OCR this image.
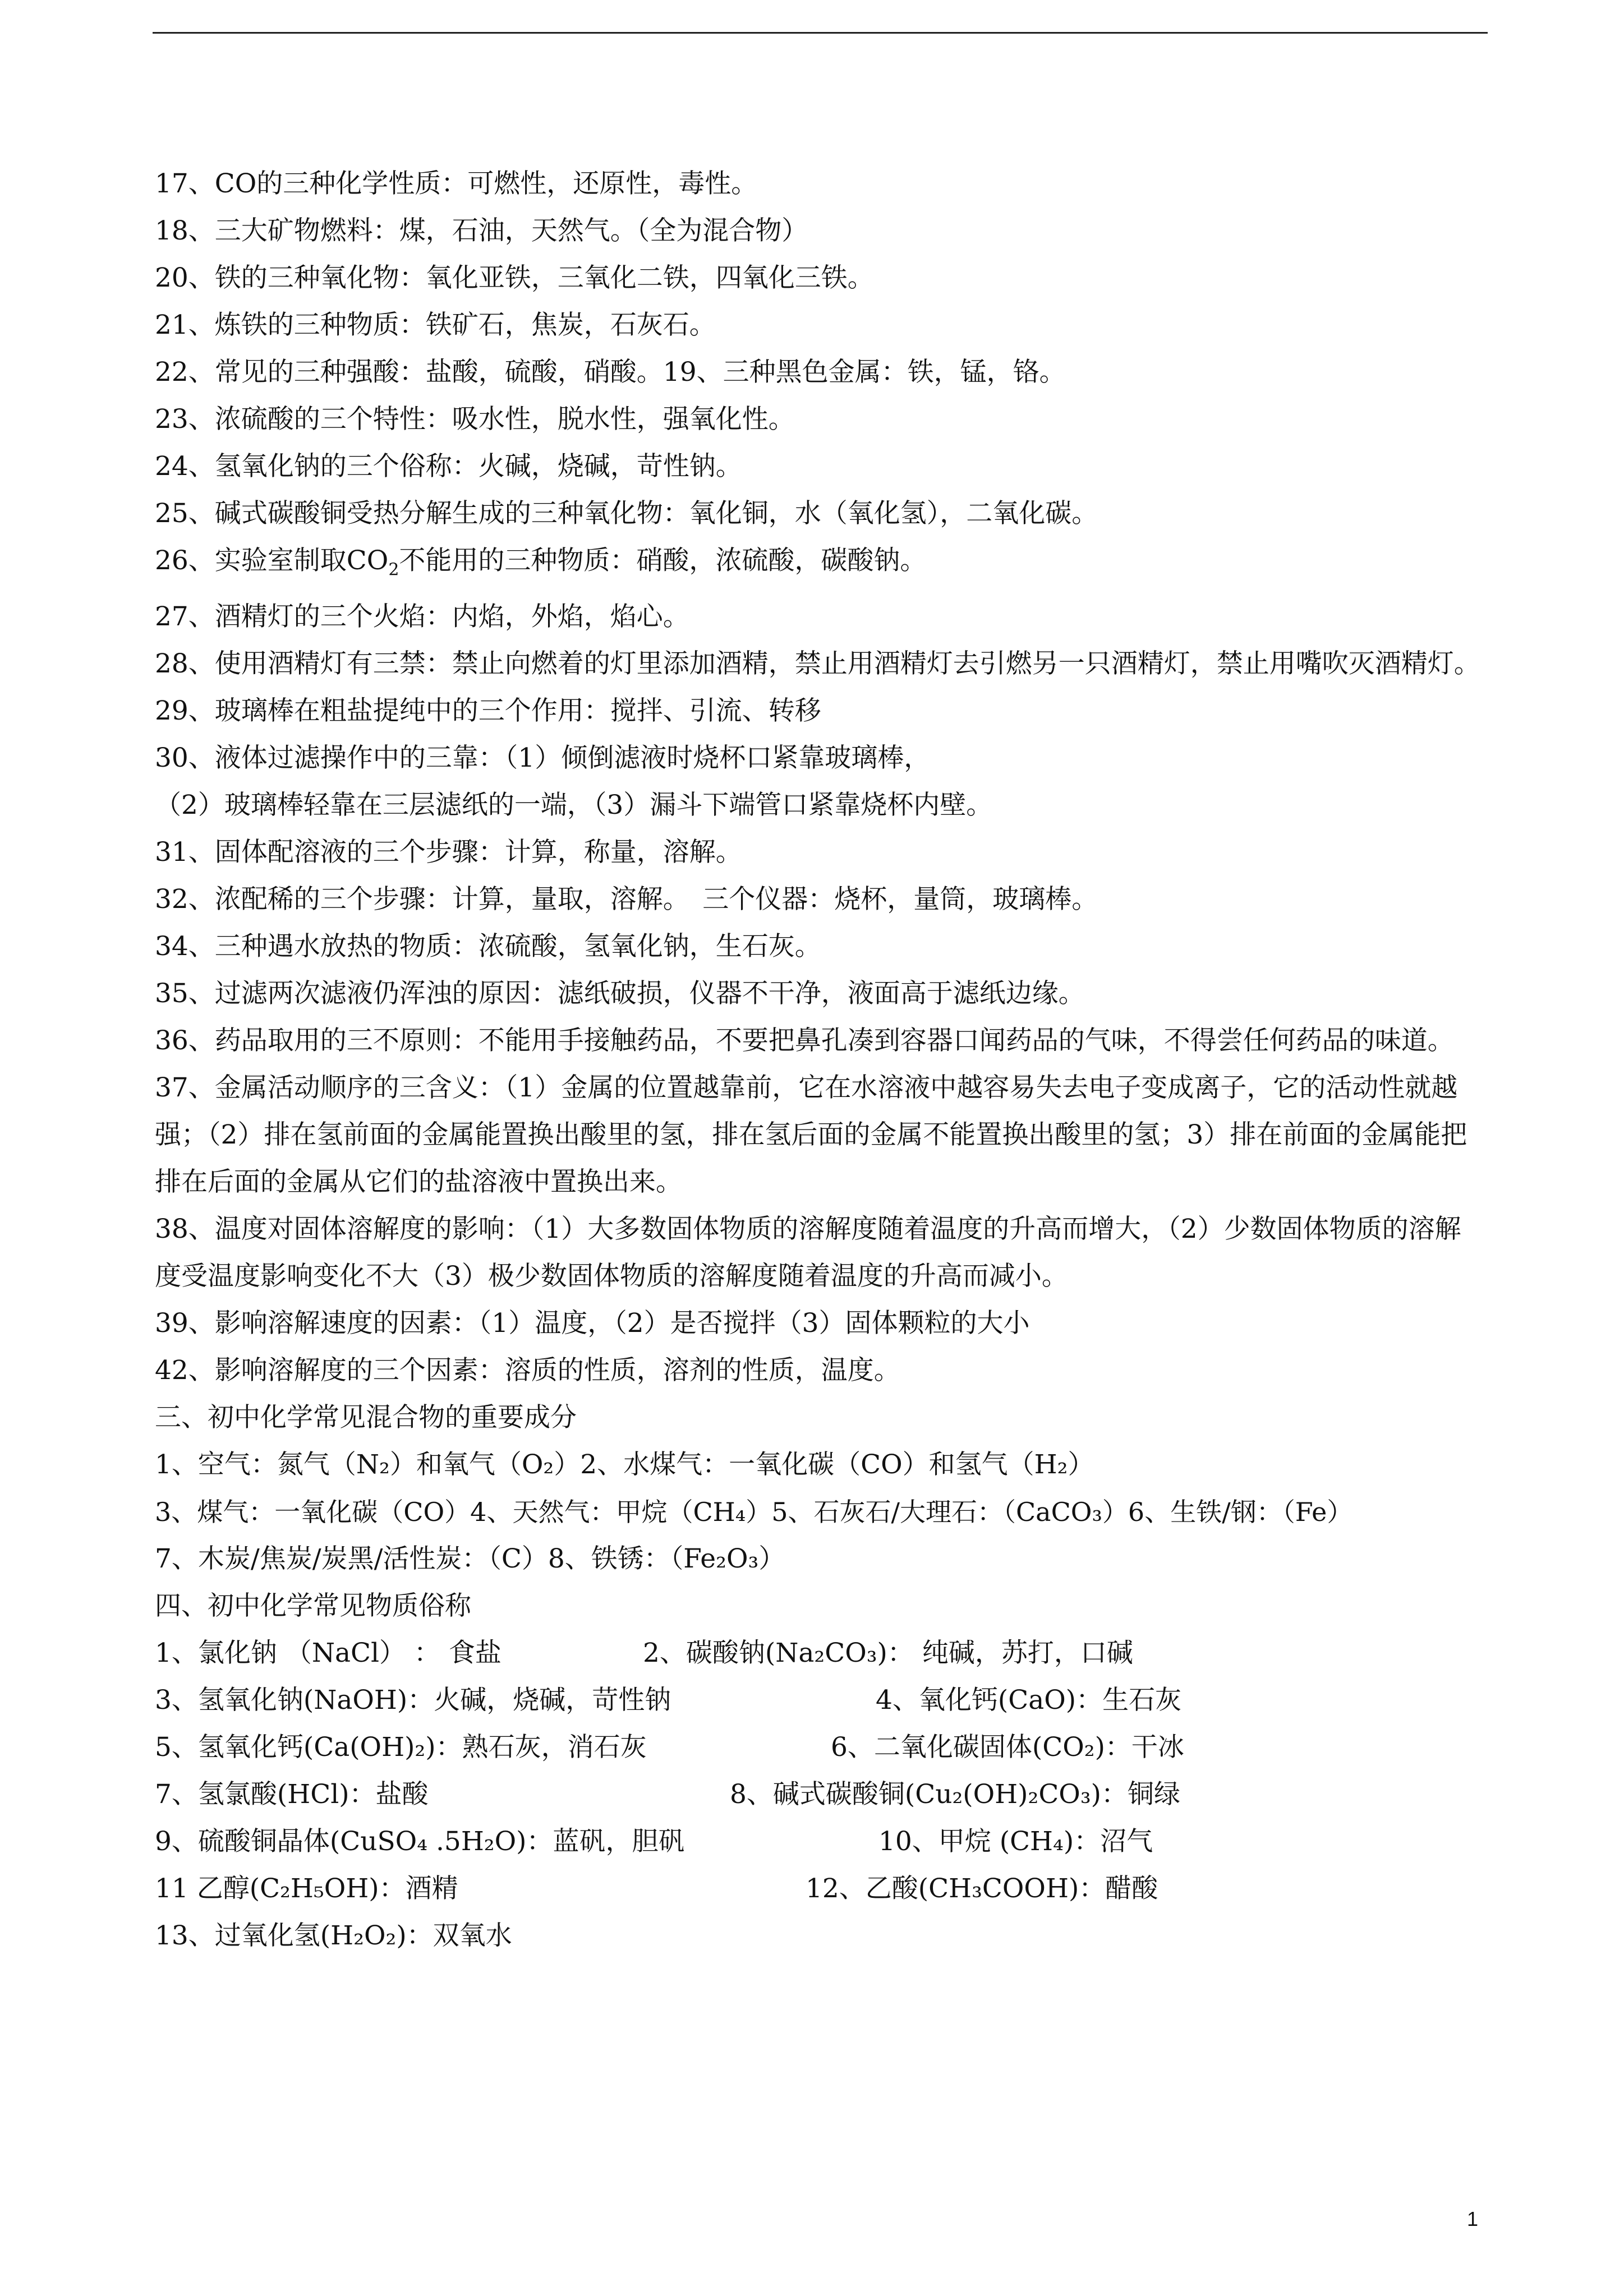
17、CO的三种化学性质：可燃性，还原性，毒性。
18、三大矿物燃料：煤，石油，天然气。（全为混合物）
20、铁的三种氧化物：氧化亚铁，三氧化二铁，四氧化三铁。
21、炼铁的三种物质：铁矿石，焦炭，石灰石。
22、常见的三种强酸：盐酸，硫酸，硝酸。19、三种黑色金属：铁，锰，铬。
23、浓硫酸的三个特性：吸水性，脱水性，强氧化性。
24、氢氧化钠的三个俗称：火碱，烧碱，苛性钠。
25、碱式碳酸铜受热分解生成的三种氧化物：氧化铜，水（氧化氢），二氧化碳。
26、实验室制取$CO_2$不能用的三种物质：硝酸，浓硫酸，碳酸钠。
27、酒精灯的三个火焰：内焰，外焰，焰心。
28、使用酒精灯有三禁：禁止向燃着的灯里添加酒精，禁止用酒精灯去引燃另一只酒精灯，禁止用嘴吹灭酒精灯。
29、玻璃棒在粗盐提纯中的三个作用：搅拌、引流、转移
30、液体过滤操作中的三靠：（1）倾倒滤液时烧杯口紧靠玻璃棒，
（2）玻璃棒轻靠在三层滤纸的一端，（3）漏斗下端管口紧靠烧杯内壁。
31、固体配溶液的三个步骤：计算，称量，溶解。
32、浓配稀的三个步骤：计算，量取，溶解。　三个仪器：烧杯，量筒，玻璃棒。
34、三种遇水放热的物质：浓硫酸，氢氧化钠，生石灰。
35、过滤两次滤液仍浑浊的原因：滤纸破损，仪器不干净，液面高于滤纸边缘。
36、药品取用的三不原则：不能用手接触药品，不要把鼻孔凑到容器口闻药品的气味，不得尝任何药品的味道。
37、金属活动顺序的三含义：（1）金属的位置越靠前，它在水溶液中越容易失去电子变成离子，它的活动性就越强；（2）排在氢前面的金属能置换出酸里的氢，排在氢后面的金属不能置换出酸里的氢；3）排在前面的金属能把排在后面的金属从它们的盐溶液中置换出来。
38、温度对固体溶解度的影响：（1）大多数固体物质的溶解度随着温度的升高而增大，（2）少数固体物质的溶解度受温度影响变化不大（3）极少数固体物质的溶解度随着温度的升高而减小。
39、影响溶解速度的因素：（1）温度，（2）是否搅拌（3）固体颗粒的大小
42、影响溶解度的三个因素：溶质的性质，溶剂的性质，温度。
三、初中化学常见混合物的重要成分
1、空气：氮气（N₂）和氧气（O₂）2、水煤气：一氧化碳（CO）和氢气（H₂）
3、煤气：一氧化碳（CO）4、天然气：甲烷（CH₄）5、石灰石/大理石：（CaCO₃）6、生铁/钢：（Fe）
7、木炭/焦炭/炭黑/活性炭：（C）8、铁锈：（Fe₂O₃）
四、初中化学常见物质俗称
1、氯化钠 （NaCl） ： 食盐	2、碳酸钠(Na₂CO₃)： 纯碱，苏打，口碱
3、氢氧化钠(NaOH)：火碱，烧碱，苛性钠	4、氧化钙(CaO)：生石灰
5、氢氧化钙(Ca(OH)₂)：熟石灰，消石灰	6、二氧化碳固体(CO₂)：干冰
7、氢氯酸(HCl)：盐酸	8、碱式碳酸铜(Cu₂(OH)₂CO₃)：铜绿
9、硫酸铜晶体(CuSO₄ .5H₂O)：蓝矾，胆矾	10、甲烷 (CH₄)：沼气
11 乙醇(C₂H₅OH)：酒精	12、乙酸(CH₃COOH)：醋酸
13、过氧化氢(H₂O₂)：双氧水
1
